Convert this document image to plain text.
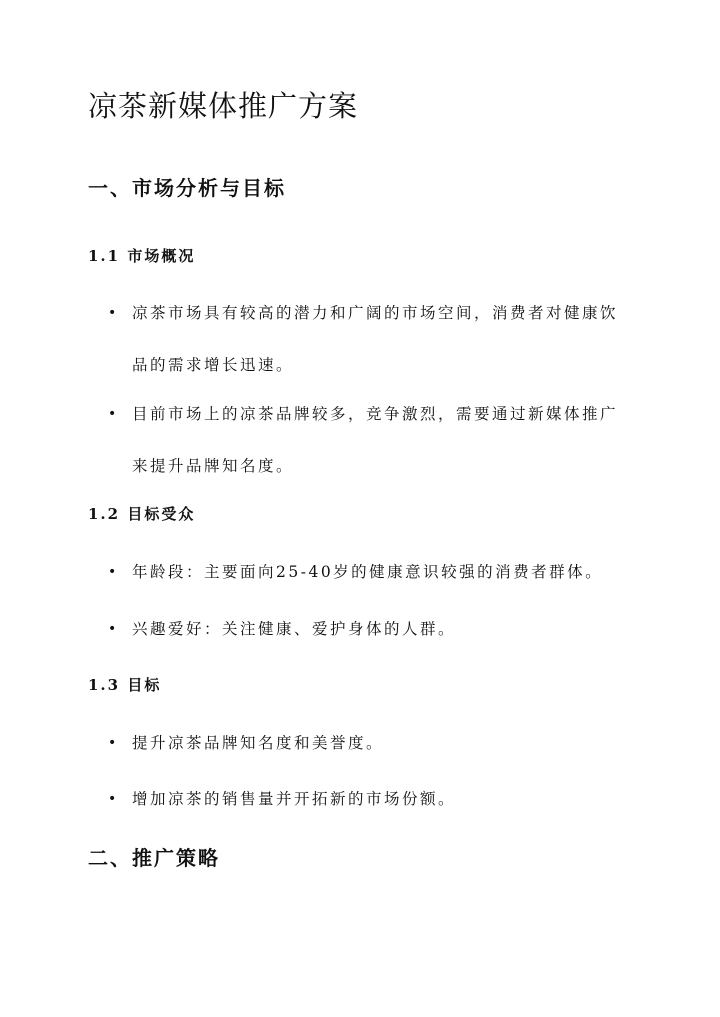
凉茶新媒体推广方案
一、市场分析与目标
1.1 市场概况
• 凉茶市场具有较高的潜力和广阔的市场空间，消费者对健康饮品的需求增长迅速。
• 目前市场上的凉茶品牌较多，竞争激烈，需要通过新媒体推广来提升品牌知名度。
1.2 目标受众
• 年龄段：主要面向25-40岁的健康意识较强的消费者群体。
• 兴趣爱好：关注健康、爱护身体的人群。
1.3 目标
• 提升凉茶品牌知名度和美誉度。
• 增加凉茶的销售量并开拓新的市场份额。
二、推广策略
